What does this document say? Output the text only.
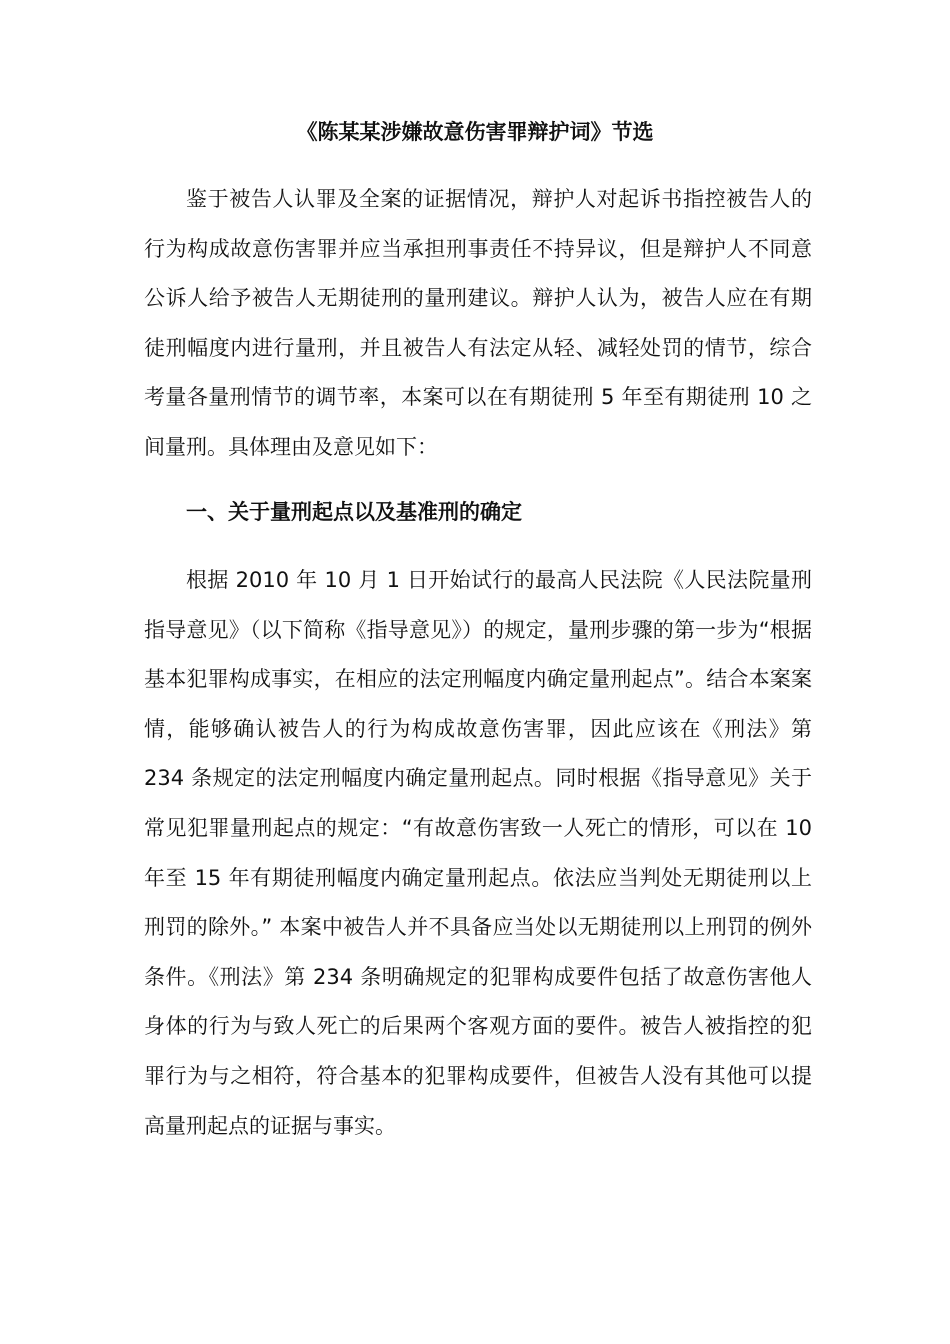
《陈某某涉嫌故意伤害罪辩护词》节选

鉴于被告人认罪及全案的证据情况，辩护人对起诉书指控被告人的行为构成故意伤害罪并应当承担刑事责任不持异议，但是辩护人不同意公诉人给予被告人无期徒刑的量刑建议。辩护人认为，被告人应在有期徒刑幅度内进行量刑，并且被告人有法定从轻、减轻处罚的情节，综合考量各量刑情节的调节率，本案可以在有期徒刑 5 年至有期徒刑 10 之间量刑。具体理由及意见如下：

一、关于量刑起点以及基准刑的确定

根据 2010 年 10 月 1 日开始试行的最高人民法院《人民法院量刑指导意见》（以下简称《指导意见》）的规定，量刑步骤的第一步为“根据基本犯罪构成事实，在相应的法定刑幅度内确定量刑起点”。结合本案案情，能够确认被告人的行为构成故意伤害罪，因此应该在《刑法》第 234 条规定的法定刑幅度内确定量刑起点。同时根据《指导意见》关于常见犯罪量刑起点的规定：“有故意伤害致一人死亡的情形，可以在 10 年至 15 年有期徒刑幅度内确定量刑起点。依法应当判处无期徒刑以上刑罚的除外。” 本案中被告人并不具备应当处以无期徒刑以上刑罚的例外条件。《刑法》第 234 条明确规定的犯罪构成要件包括了故意伤害他人身体的行为与致人死亡的后果两个客观方面的要件。被告人被指控的犯罪行为与之相符，符合基本的犯罪构成要件，但被告人没有其他可以提高量刑起点的证据与事实。
